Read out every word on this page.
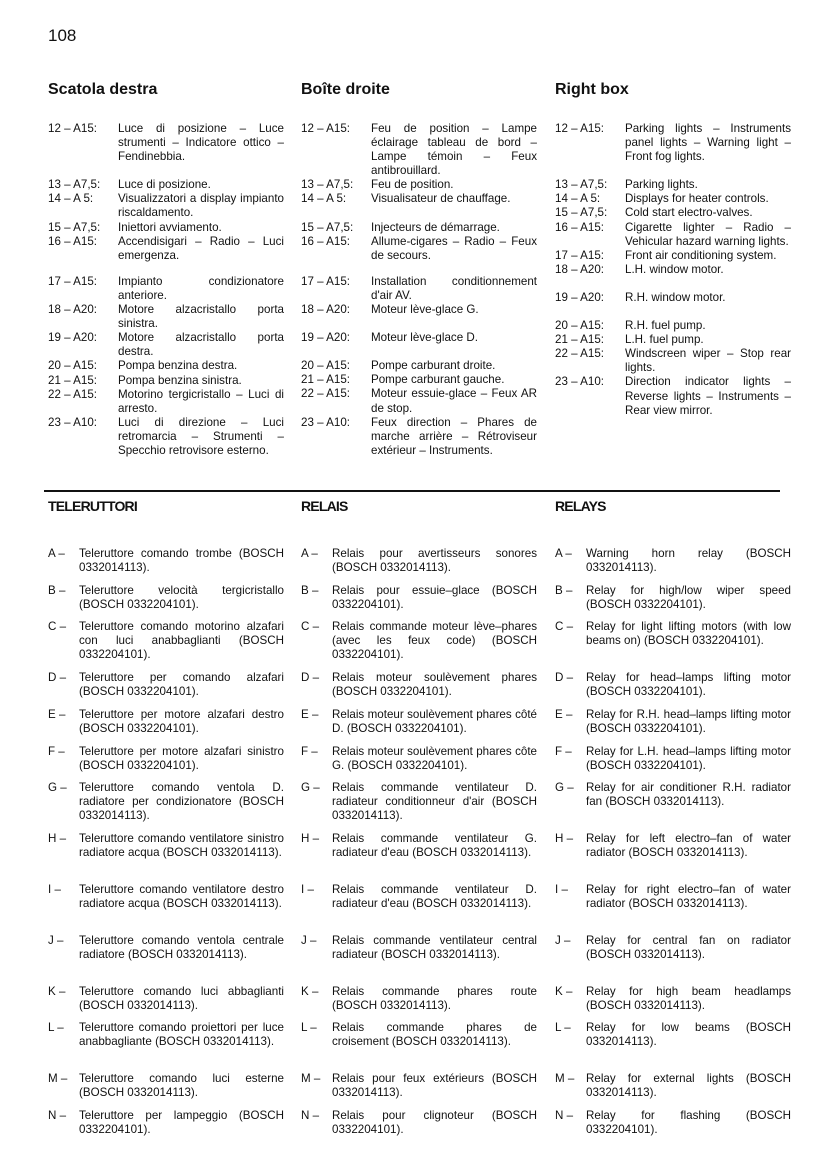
108
Scatola destra
12 – A15:	Luce di posizione – Luce strumenti – Indicatore ottico – Fendinebbia.
13 – A7,5:	Luce di posizione.
14 – A 5:	Visualizzatori a display impianto riscaldamento.
15 – A7,5:	Iniettori avviamento.
16 – A15:	Accendisigari – Radio – Luci emergenza.
17 – A15:	Impianto condizionatore anteriore.
18 – A20:	Motore alzacristallo porta sinistra.
19 – A20:	Motore alzacristallo porta destra.
20 – A15:	Pompa benzina destra.
21 – A15:	Pompa benzina sinistra.
22 – A15:	Motorino tergicristallo – Luci di arresto.
23 – A10:	Luci di direzione – Luci retromarcia – Strumenti – Specchio retrovisore esterno.
Boîte droite
12 – A15:	Feu de position – Lampe éclairage tableau de bord – Lampe témoin – Feux antibrouillard.
13 – A7,5:	Feu de position.
14 – A 5:	Visualisateur de chauffage.
15 – A7,5:	Injecteurs de démarrage.
16 – A15:	Allume-cigares – Radio – Feux de secours.
17 – A15:	Installation conditionnement d'air AV.
18 – A20:	Moteur lève-glace G.
19 – A20:	Moteur lève-glace D.
20 – A15:	Pompe carburant droite.
21 – A15:	Pompe carburant gauche.
22 – A15:	Moteur essuie-glace – Feux AR de stop.
23 – A10:	Feux direction – Phares de marche arrière – Rétroviseur extérieur – Instruments.
Right box
12 – A15:	Parking lights – Instruments panel lights – Warning light – Front fog lights.
13 – A7,5:	Parking lights.
14 – A 5:	Displays for heater controls.
15 – A7,5:	Cold start electro-valves.
16 – A15:	Cigarette lighter – Radio – Vehicular hazard warning lights.
17 – A15:	Front air conditioning system.
18 – A20:	L.H. window motor.
19 – A20:	R.H. window motor.
20 – A15:	R.H. fuel pump.
21 – A15:	L.H. fuel pump.
22 – A15:	Windscreen wiper – Stop rear lights.
23 – A10:	Direction indicator lights – Reverse lights – Instruments – Rear view mirror.
TELERUTTORI	RELAIS	RELAYS
A –	Teleruttore comando trombe (BOSCH 0332014113).
B –	Teleruttore velocità tergicristallo (BOSCH 0332204101).
C –	Teleruttore comando motorino alzafari con luci anabbaglianti (BOSCH 0332204101).
D –	Teleruttore per comando alzafari (BOSCH 0332204101).
E –	Teleruttore per motore alzafari destro (BOSCH 0332204101).
F –	Teleruttore per motore alzafari sinistro (BOSCH 0332204101).
G –	Teleruttore comando ventola D. radiatore per condizionatore (BOSCH 0332014113).
H –	Teleruttore comando ventilatore sinistro radiatore acqua (BOSCH 0332014113).
I –	Teleruttore comando ventilatore destro radiatore acqua (BOSCH 0332014113).
J –	Teleruttore comando ventola centrale radiatore (BOSCH 0332014113).
K –	Teleruttore comando luci abbaglianti (BOSCH 0332014113).
L –	Teleruttore comando proiettori per luce anabbagliante (BOSCH 0332014113).
M –	Teleruttore comando luci esterne (BOSCH 0332014113).
N –	Teleruttore per lampeggio (BOSCH 0332204101).
A –	Relais pour avertisseurs sonores (BOSCH 0332014113).
B –	Relais pour essuie–glace (BOSCH 0332204101).
C –	Relais commande moteur lève–phares (avec les feux code) (BOSCH 0332204101).
D –	Relais moteur soulèvement phares (BOSCH 0332204101).
E –	Relais moteur soulèvement phares côté D. (BOSCH 0332204101).
F –	Relais moteur soulèvement phares côte G. (BOSCH 0332204101).
G –	Relais commande ventilateur D. radiateur conditionneur d'air (BOSCH 0332014113).
H –	Relais commande ventilateur G. radiateur d'eau (BOSCH 0332014113).
I –	Relais commande ventilateur D. radiateur d'eau (BOSCH 0332014113).
J –	Relais commande ventilateur central radiateur (BOSCH 0332014113).
K –	Relais commande phares route (BOSCH 0332014113).
L –	Relais commande phares de croisement (BOSCH 0332014113).
M –	Relais pour feux extérieurs (BOSCH 0332014113).
N –	Relais pour clignoteur (BOSCH 0332204101).
A –	Warning horn relay (BOSCH 0332014113).
B –	Relay for high/low wiper speed (BOSCH 0332204101).
C –	Relay for light lifting motors (with low beams on) (BOSCH 0332204101).
D –	Relay for head–lamps lifting motor (BOSCH 0332204101).
E –	Relay for R.H. head–lamps lifting motor (BOSCH 0332204101).
F –	Relay for L.H. head–lamps lifting motor (BOSCH 0332204101).
G –	Relay for air conditioner R.H. radiator fan (BOSCH 0332014113).
H –	Relay for left electro–fan of water radiator (BOSCH 0332014113).
I –	Relay for right electro–fan of water radiator (BOSCH 0332014113).
J –	Relay for central fan on radiator (BOSCH 0332014113).
K –	Relay for high beam headlamps (BOSCH 0332014113).
L –	Relay for low beams (BOSCH 0332014113).
M –	Relay for external lights (BOSCH 0332014113).
N –	Relay for flashing (BOSCH 0332204101).
